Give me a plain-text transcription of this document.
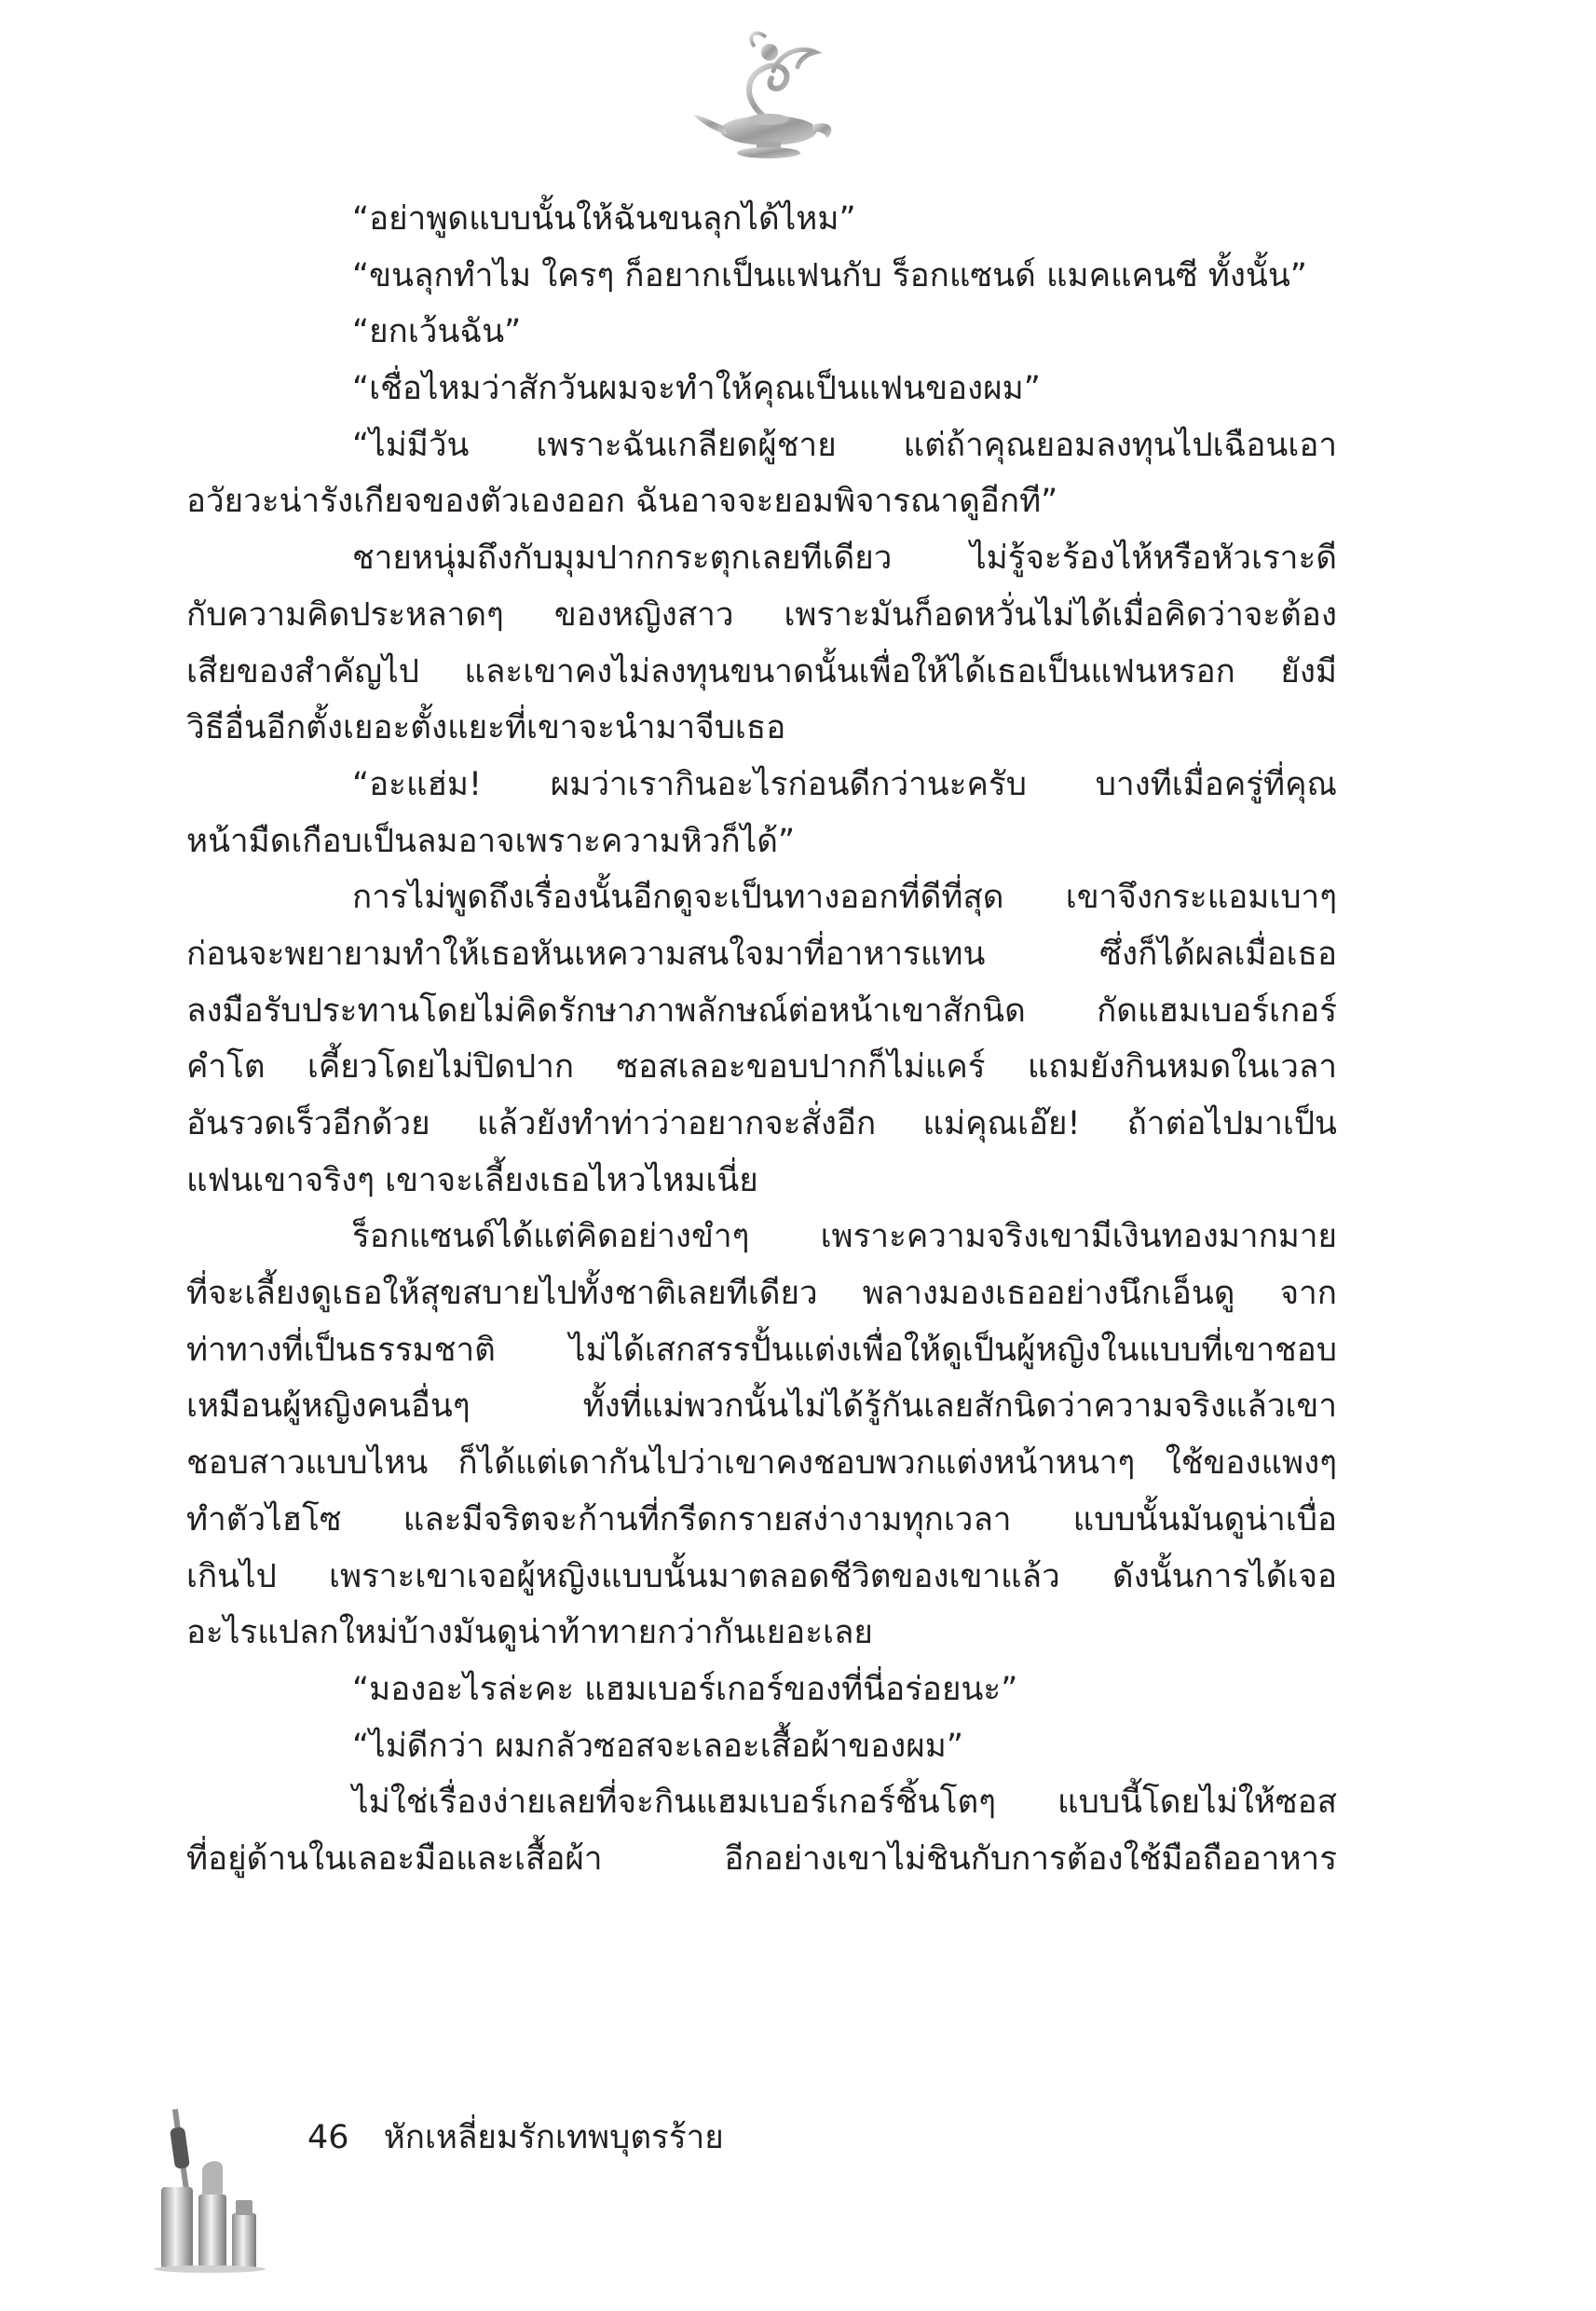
“อย่าพูดแบบนั้นให้ฉันขนลุกได้ไหม”
“ขนลุกทำไม ใครๆ ก็อยากเป็นแฟนกับ ร็อกแซนด์ แมคแคนซี ทั้งนั้น”
“ยกเว้นฉัน”
“เชื่อไหมว่าสักวันผมจะทำให้คุณเป็นแฟนของผม”
“ไม่มีวัน เพราะฉันเกลียดผู้ชาย แต่ถ้าคุณยอมลงทุนไปเฉือนเอา
อวัยวะน่ารังเกียจของตัวเองออก ฉันอาจจะยอมพิจารณาดูอีกที”
ชายหนุ่มถึงกับมุมปากกระตุกเลยทีเดียว ไม่รู้จะร้องไห้หรือหัวเราะดี
กับความคิดประหลาดๆ ของหญิงสาว เพราะมันก็อดหวั่นไม่ได้เมื่อคิดว่าจะต้อง
เสียของสำคัญไป และเขาคงไม่ลงทุนขนาดนั้นเพื่อให้ได้เธอเป็นแฟนหรอก ยังมี
วิธีอื่นอีกตั้งเยอะตั้งแยะที่เขาจะนำมาจีบเธอ
“อะแฮ่ม! ผมว่าเรากินอะไรก่อนดีกว่านะครับ บางทีเมื่อครู่ที่คุณ
หน้ามืดเกือบเป็นลมอาจเพราะความหิวก็ได้”
การไม่พูดถึงเรื่องนั้นอีกดูจะเป็นทางออกที่ดีที่สุด เขาจึงกระแอมเบาๆ
ก่อนจะพยายามทำให้เธอหันเหความสนใจมาที่อาหารแทน ซึ่งก็ได้ผลเมื่อเธอ
ลงมือรับประทานโดยไม่คิดรักษาภาพลักษณ์ต่อหน้าเขาสักนิด กัดแฮมเบอร์เกอร์
คำโต เคี้ยวโดยไม่ปิดปาก ซอสเลอะขอบปากก็ไม่แคร์ แถมยังกินหมดในเวลา
อันรวดเร็วอีกด้วย แล้วยังทำท่าว่าอยากจะสั่งอีก แม่คุณเอ๊ย! ถ้าต่อไปมาเป็น
แฟนเขาจริงๆ เขาจะเลี้ยงเธอไหวไหมเนี่ย
ร็อกแซนด์ได้แต่คิดอย่างขำๆ เพราะความจริงเขามีเงินทองมากมาย
ที่จะเลี้ยงดูเธอให้สุขสบายไปทั้งชาติเลยทีเดียว พลางมองเธออย่างนึกเอ็นดู จาก
ท่าทางที่เป็นธรรมชาติ ไม่ได้เสกสรรปั้นแต่งเพื่อให้ดูเป็นผู้หญิงในแบบที่เขาชอบ
เหมือนผู้หญิงคนอื่นๆ ทั้งที่แม่พวกนั้นไม่ได้รู้กันเลยสักนิดว่าความจริงแล้วเขา
ชอบสาวแบบไหน ก็ได้แต่เดากันไปว่าเขาคงชอบพวกแต่งหน้าหนาๆ ใช้ของแพงๆ
ทำตัวไฮโซ และมีจริตจะก้านที่กรีดกรายสง่างามทุกเวลา แบบนั้นมันดูน่าเบื่อ
เกินไป เพราะเขาเจอผู้หญิงแบบนั้นมาตลอดชีวิตของเขาแล้ว ดังนั้นการได้เจอ
อะไรแปลกใหม่บ้างมันดูน่าท้าทายกว่ากันเยอะเลย
“มองอะไรล่ะคะ แฮมเบอร์เกอร์ของที่นี่อร่อยนะ”
“ไม่ดีกว่า ผมกลัวซอสจะเลอะเสื้อผ้าของผม”
ไม่ใช่เรื่องง่ายเลยที่จะกินแฮมเบอร์เกอร์ชิ้นโตๆ แบบนี้โดยไม่ให้ซอส
ที่อยู่ด้านในเลอะมือและเสื้อผ้า อีกอย่างเขาไม่ชินกับการต้องใช้มือถืออาหาร
46 หักเหลี่ยมรักเทพบุตรร้าย
